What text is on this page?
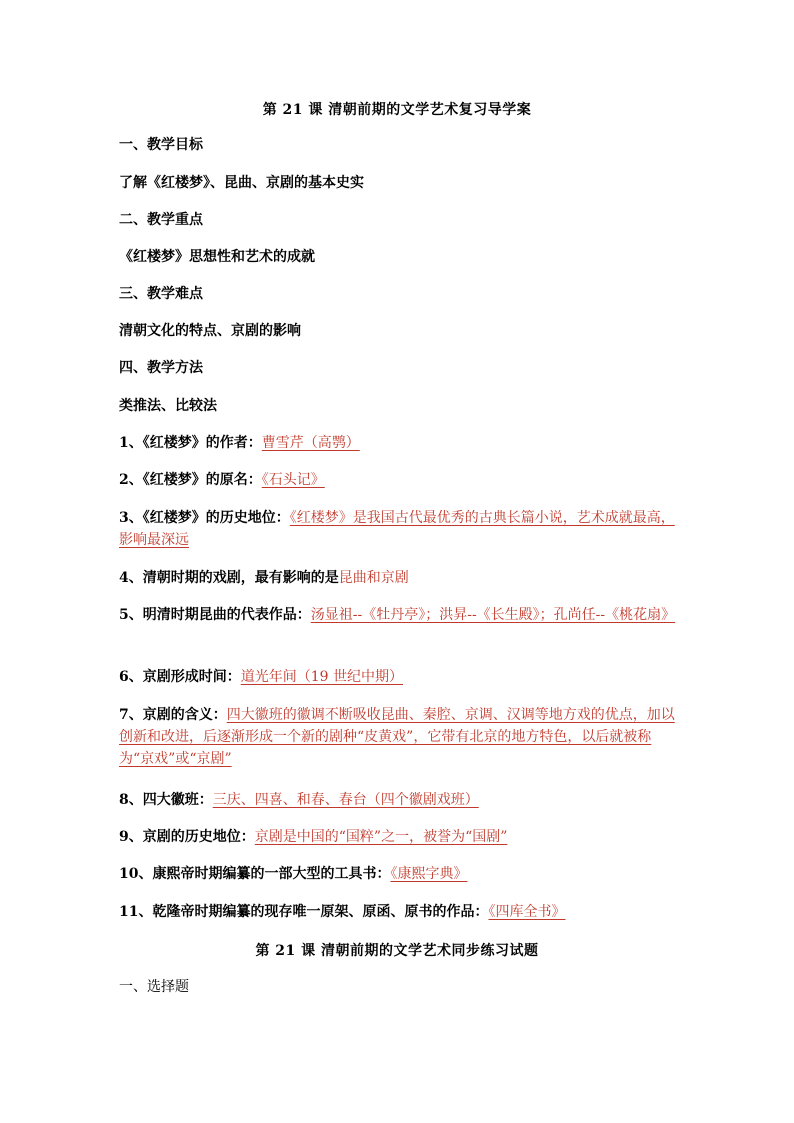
第 21 课 清朝前期的文学艺术复习导学案
一、教学目标
了解《红楼梦》、昆曲、京剧的基本史实
二、教学重点
《红楼梦》思想性和艺术的成就
三、教学难点
清朝文化的特点、京剧的影响
四、教学方法
类推法、比较法
1、《红楼梦》的作者：曹雪芹（高鹗）
2、《红楼梦》的原名：《石头记》
3、《红楼梦》的历史地位：《红楼梦》是我国古代最优秀的古典长篇小说，艺术成就最高，影响最深远
4、清朝时期的戏剧，最有影响的是昆曲和京剧
5、明清时期昆曲的代表作品：汤显祖--《牡丹亭》；洪昇--《长生殿》；孔尚任--《桃花扇》
6、京剧形成时间：道光年间（19 世纪中期）
7、京剧的含义：四大徽班的徽调不断吸收昆曲、秦腔、京调、汉调等地方戏的优点，加以创新和改进，后逐渐形成一个新的剧种“皮黄戏”，它带有北京的地方特色，以后就被称为“京戏”或“京剧”
8、四大徽班：三庆、四喜、和春、春台（四个徽剧戏班）
9、京剧的历史地位：京剧是中国的“国粹”之一，被誉为“国剧”
10、康熙帝时期编纂的一部大型的工具书：《康熙字典》
11、乾隆帝时期编纂的现存唯一原架、原函、原书的作品：《四库全书》
第 21 课 清朝前期的文学艺术同步练习试题
一、选择题
